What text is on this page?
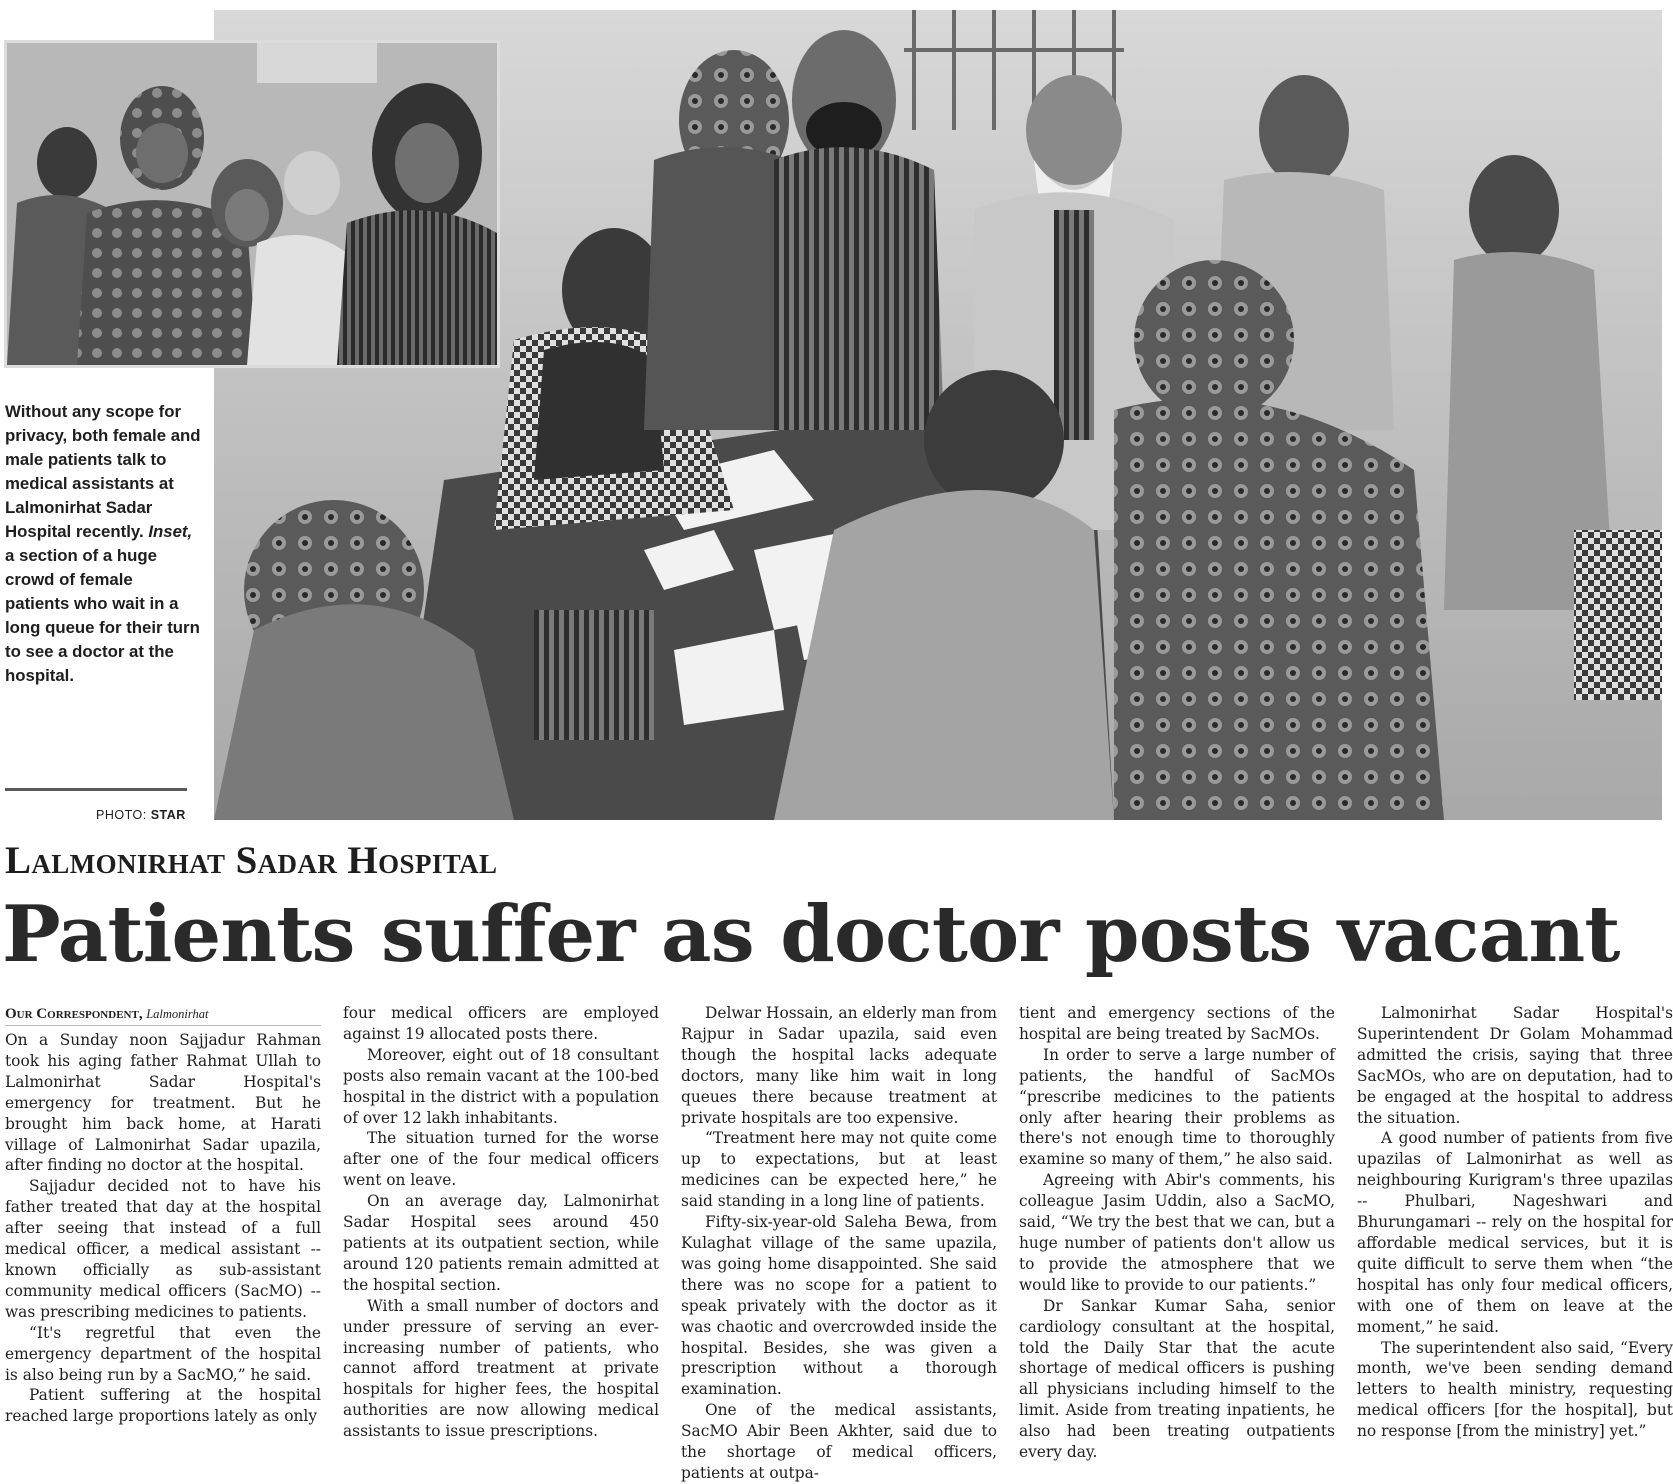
Without any scope for privacy, both female and male patients talk to medical assistants at Lalmonirhat Sadar Hospital recently. Inset, a section of a huge crowd of female patients who wait in a long queue for their turn to see a doctor at the hospital.
PHOTO: STAR
Lalmonirhat Sadar Hospital
Patients suffer as doctor posts vacant
Our Correspondent, Lalmonirhat

On a Sunday noon Sajjadur Rahman took his aging father Rahmat Ullah to Lalmonirhat Sadar Hospital's emergency for treatment. But he brought him back home, at Harati village of Lalmonirhat Sadar upazila, after finding no doctor at the hospital.

Sajjadur decided not to have his father treated that day at the hospital after seeing that instead of a full medical officer, a medical assistant -- known officially as sub-assistant community medical officers (SacMO) -- was prescribing medicines to patients.

“It's regretful that even the emergency department of the hospital is also being run by a SacMO,” he said.

Patient suffering at the hospital reached large proportions lately as only

four medical officers are employed against 19 allocated posts there.

Moreover, eight out of 18 consultant posts also remain vacant at the 100-bed hospital in the district with a population of over 12 lakh inhabitants.

The situation turned for the worse after one of the four medical officers went on leave.

On an average day, Lalmonirhat Sadar Hospital sees around 450 patients at its outpatient section, while around 120 patients remain admitted at the hospital section.

With a small number of doctors and under pressure of serving an ever-increasing number of patients, who cannot afford treatment at private hospitals for higher fees, the hospital authorities are now allowing medical assistants to issue prescriptions.

Delwar Hossain, an elderly man from Rajpur in Sadar upazila, said even though the hospital lacks adequate doctors, many like him wait in long queues there because treatment at private hospitals are too expensive.

“Treatment here may not quite come up to expectations, but at least medicines can be expected here,” he said standing in a long line of patients.

Fifty-six-year-old Saleha Bewa, from Kulaghat village of the same upazila, was going home disappointed. She said there was no scope for a patient to speak privately with the doctor as it was chaotic and overcrowded inside the hospital. Besides, she was given a prescription without a thorough examination.

One of the medical assistants, SacMO Abir Been Akhter, said due to the shortage of medical officers, patients at outpa-

tient and emergency sections of the hospital are being treated by SacMOs.

In order to serve a large number of patients, the handful of SacMOs “prescribe medicines to the patients only after hearing their problems as there's not enough time to thoroughly examine so many of them,” he also said.

Agreeing with Abir's comments, his colleague Jasim Uddin, also a SacMO, said, “We try the best that we can, but a huge number of patients don't allow us to provide the atmosphere that we would like to provide to our patients.”

Dr Sankar Kumar Saha, senior cardiology consultant at the hospital, told the Daily Star that the acute shortage of medical officers is pushing all physicians including himself to the limit. Aside from treating inpatients, he also had been treating outpatients every day.

Lalmonirhat Sadar Hospital's Superintendent Dr Golam Mohammad admitted the crisis, saying that three SacMOs, who are on deputation, had to be engaged at the hospital to address the situation.

A good number of patients from five upazilas of Lalmonirhat as well as neighbouring Kurigram's three upazilas -- Phulbari, Nageshwari and Bhurungamari -- rely on the hospital for affordable medical services, but it is quite difficult to serve them when “the hospital has only four medical officers, with one of them on leave at the moment,” he said.

The superintendent also said, “Every month, we've been sending demand letters to health ministry, requesting medical officers [for the hospital], but no response [from the ministry] yet.”
